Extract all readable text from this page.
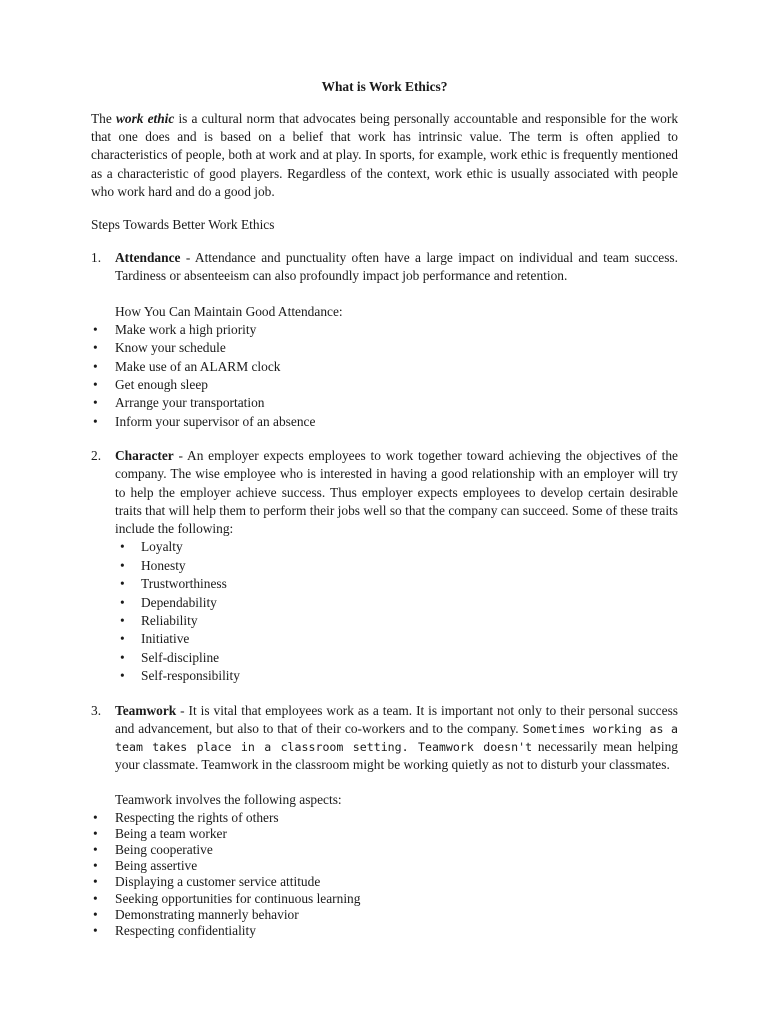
What is Work Ethics?

The work ethic is a cultural norm that advocates being personally accountable and responsible for the work that one does and is based on a belief that work has intrinsic value. The term is often applied to characteristics of people, both at work and at play. In sports, for example, work ethic is frequently mentioned as a characteristic of good players. Regardless of the context, work ethic is usually associated with people who work hard and do a good job.

Steps Towards Better Work Ethics

1. Attendance - Attendance and punctuality often have a large impact on individual and team success. Tardiness or absenteeism can also profoundly impact job performance and retention.

How You Can Maintain Good Attendance:

• Make work a high priority
• Know your schedule
• Make use of an ALARM clock
• Get enough sleep
• Arrange your transportation
• Inform your supervisor of an absence
2. Character - An employer expects employees to work together toward achieving the objectives of the company. The wise employee who is interested in having a good relationship with an employer will try to help the employer achieve success. Thus employer expects employees to develop certain desirable traits that will help them to perform their jobs well so that the company can succeed. Some of these traits include the following:

• Loyalty
• Honesty
• Trustworthiness
• Dependability
• Reliability
• Initiative
• Self-discipline
• Self-responsibility
3. Teamwork - It is vital that employees work as a team. It is important not only to their personal success and advancement, but also to that of their co-workers and to the company. Sometimes working as a team takes place in a classroom setting. Teamwork doesn't necessarily mean helping your classmate. Teamwork in the classroom might be working quietly as not to disturb your classmates.

Teamwork involves the following aspects:

• Respecting the rights of others
• Being a team worker
• Being cooperative
• Being assertive
• Displaying a customer service attitude
• Seeking opportunities for continuous learning
• Demonstrating mannerly behavior
• Respecting confidentiality
